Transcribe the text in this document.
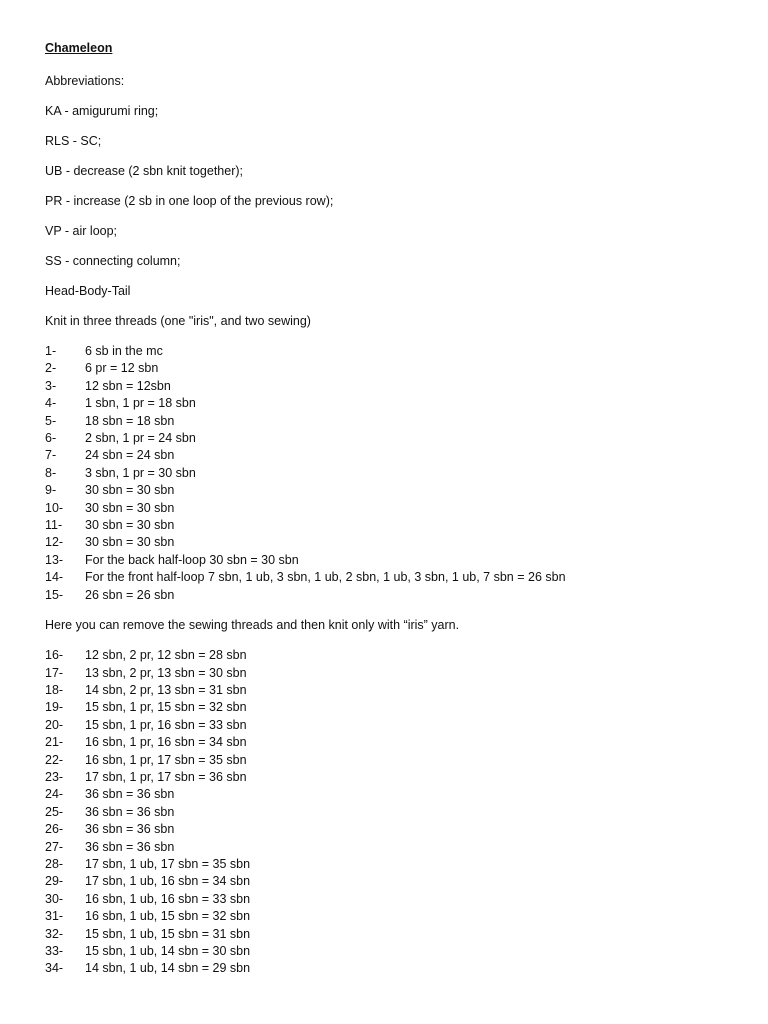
Chameleon
Abbreviations:
KA - amigurumi ring;
RLS - SC;
UB - decrease (2 sbn knit together);
PR - increase (2 sb in one loop of the previous row);
VP - air loop;
SS - connecting column;
Head-Body-Tail
Knit in three threads (one "iris", and two sewing)
1-	6 sb in the mc
2-	6 pr = 12 sbn
3-	12 sbn = 12sbn
4-	1 sbn, 1 pr = 18 sbn
5-	18 sbn = 18 sbn
6-	2 sbn, 1 pr = 24 sbn
7-	24 sbn = 24 sbn
8-	3 sbn, 1 pr = 30 sbn
9-	30 sbn = 30 sbn
10-	30 sbn = 30 sbn
11-	30 sbn = 30 sbn
12-	30 sbn = 30 sbn
13-	For the back half-loop 30 sbn = 30 sbn
14-	For the front half-loop 7 sbn, 1 ub, 3 sbn, 1 ub, 2 sbn, 1 ub, 3 sbn, 1 ub, 7 sbn = 26 sbn
15-	26 sbn = 26 sbn
Here you can remove the sewing threads and then knit only with “iris” yarn.
16-	12 sbn, 2 pr, 12 sbn = 28 sbn
17-	13 sbn, 2 pr, 13 sbn = 30 sbn
18-	14 sbn, 2 pr, 13 sbn = 31 sbn
19-	15 sbn, 1 pr, 15 sbn = 32 sbn
20-	15 sbn, 1 pr, 16 sbn = 33 sbn
21-	16 sbn, 1 pr, 16 sbn = 34 sbn
22-	16 sbn, 1 pr, 17 sbn = 35 sbn
23-	17 sbn, 1 pr, 17 sbn = 36 sbn
24-	36 sbn = 36 sbn
25-	36 sbn = 36 sbn
26-	36 sbn = 36 sbn
27-	36 sbn = 36 sbn
28-	17 sbn, 1 ub, 17 sbn = 35 sbn
29-	17 sbn, 1 ub, 16 sbn = 34 sbn
30-	16 sbn, 1 ub, 16 sbn = 33 sbn
31-	16 sbn, 1 ub, 15 sbn = 32 sbn
32-	15 sbn, 1 ub, 15 sbn = 31 sbn
33-	15 sbn, 1 ub, 14 sbn = 30 sbn
34-	14 sbn, 1 ub, 14 sbn = 29 sbn
